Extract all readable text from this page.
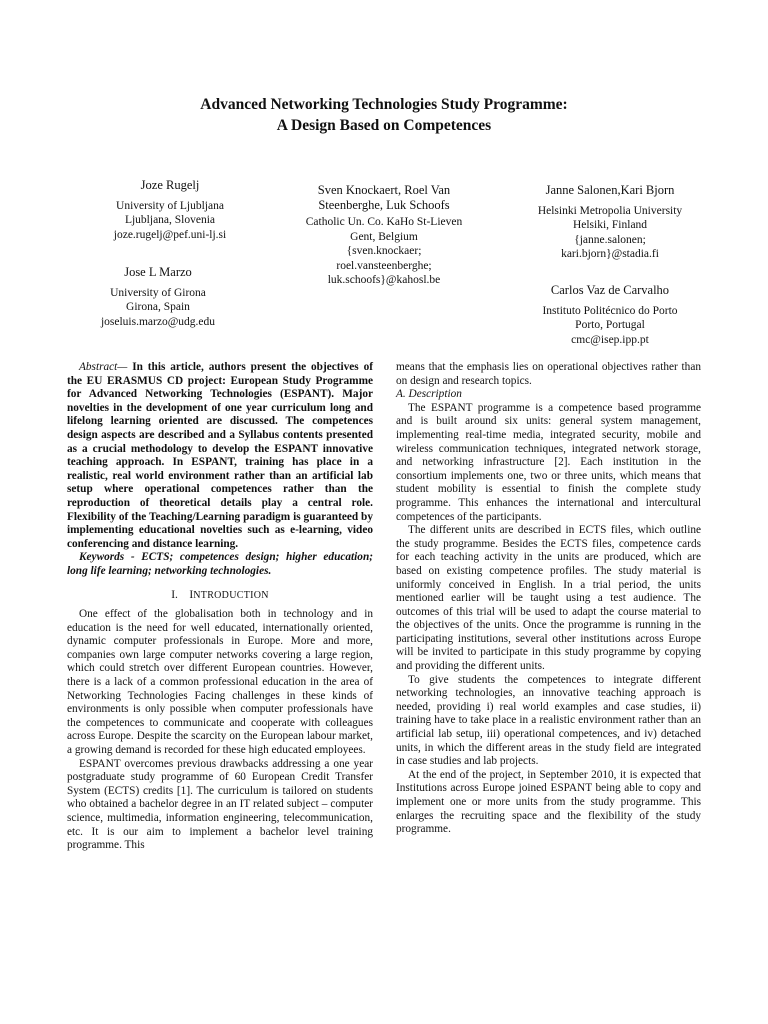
Advanced Networking Technologies Study Programme:
A Design Based on Competences
Joze Rugelj
University of Ljubljana
Ljubljana, Slovenia
joze.rugelj@pef.uni-lj.si
Jose L Marzo
University of Girona
Girona, Spain
joseluis.marzo@udg.edu
Sven Knockaert, Roel Van
Steenberghe, Luk Schoofs
Catholic Un. Co. KaHo St-Lieven
Gent, Belgium
{sven.knockaer;
roel.vansteenberghe;
luk.schoofs}@kahosl.be
Janne Salonen,Kari Bjorn
Helsinki Metropolia University
Helsiki, Finland
{janne.salonen;
kari.bjorn}@stadia.fi
Carlos Vaz de Carvalho
Instituto Politécnico do Porto
Porto, Portugal
cmc@isep.ipp.pt

Abstract— In this article, authors present the objectives of the EU ERASMUS CD project: European Study Programme for Advanced Networking Technologies (ESPANT). Major novelties in the development of one year curriculum long and lifelong learning oriented are discussed. The competences design aspects are described and a Syllabus contents presented as a crucial methodology to develop the ESPANT innovative teaching approach. In ESPANT, training has place in a realistic, real world environment rather than an artificial lab setup where operational competences rather than the reproduction of theoretical details play a central role. Flexibility of the Teaching/Learning paradigm is guaranteed by implementing educational novelties such as e-learning, video conferencing and distance learning.

Keywords - ECTS; competences design; higher education; long life learning; networking technologies.

I. INTRODUCTION

One effect of the globalisation both in technology and in education is the need for well educated, internationally oriented, dynamic computer professionals in Europe. More and more, companies own large computer networks covering a large region, which could stretch over different European countries. However, there is a lack of a common professional education in the area of Networking Technologies Facing challenges in these kinds of environments is only possible when computer professionals have the competences to communicate and cooperate with colleagues across Europe. Despite the scarcity on the European labour market, a growing demand is recorded for these high educated employees.

ESPANT overcomes previous drawbacks addressing a one year postgraduate study programme of 60 European Credit Transfer System (ECTS) credits [1]. The curriculum is tailored on students who obtained a bachelor degree in an IT related subject – computer science, multimedia, information engineering, telecommunication, etc. It is our aim to implement a bachelor level training programme. This

means that the emphasis lies on operational objectives rather than on design and research topics.

A. Description

The ESPANT programme is a competence based programme and is built around six units: general system management, implementing real-time media, integrated security, mobile and wireless communication techniques, integrated network storage, and networking infrastructure [2]. Each institution in the consortium implements one, two or three units, which means that student mobility is essential to finish the complete study programme. This enhances the international and intercultural competences of the participants.

The different units are described in ECTS files, which outline the study programme. Besides the ECTS files, competence cards for each teaching activity in the units are produced, which are based on existing competence profiles. The study material is uniformly conceived in English. In a trial period, the units mentioned earlier will be taught using a test audience. The outcomes of this trial will be used to adapt the course material to the objectives of the units. Once the programme is running in the participating institutions, several other institutions across Europe will be invited to participate in this study programme by copying and providing the different units.

To give students the competences to integrate different networking technologies, an innovative teaching approach is needed, providing i) real world examples and case studies, ii) training have to take place in a realistic environment rather than an artificial lab setup, iii) operational competences, and iv) detached units, in which the different areas in the study field are integrated in case studies and lab projects.

At the end of the project, in September 2010, it is expected that Institutions across Europe joined ESPANT being able to copy and implement one or more units from the study programme. This enlarges the recruiting space and the flexibility of the study programme.
